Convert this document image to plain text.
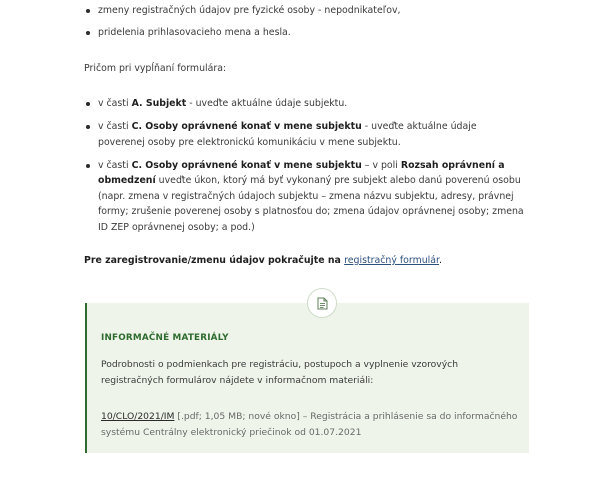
zmeny registračných údajov pre fyzické osoby - nepodnikateľov,
pridelenia prihlasovacieho mena a hesla.

Pričom pri vypĺňaní formulára:

v časti A. Subjekt - uveďte aktuálne údaje subjektu.
v časti C. Osoby oprávnené konať v mene subjektu - uveďte aktuálne údaje poverenej osoby pre elektronickú komunikáciu v mene subjektu.
v časti C. Osoby oprávnené konať v mene subjektu – v poli Rozsah oprávnení a obmedzení uveďte úkon, ktorý má byť vykonaný pre subjekt alebo danú poverenú osobu (napr. zmena v registračných údajoch subjektu – zmena názvu subjektu, adresy, právnej formy; zrušenie poverenej osoby s platnosťou do; zmena údajov oprávnenej osoby; zmena ID ZEP oprávnenej osoby; a pod.)

Pre zaregistrovanie/zmenu údajov pokračujte na registračný formulár.

INFORMAČNÉ MATERIÁLY

Podrobnosti o podmienkach pre registráciu, postupoch a vyplnenie vzorových registračných formulárov nájdete v informačnom materiáli:

10/CLO/2021/IM [.pdf; 1,05 MB; nové okno] – Registrácia a prihlásenie sa do informačného systému Centrálny elektronický priečinok od 01.07.2021
